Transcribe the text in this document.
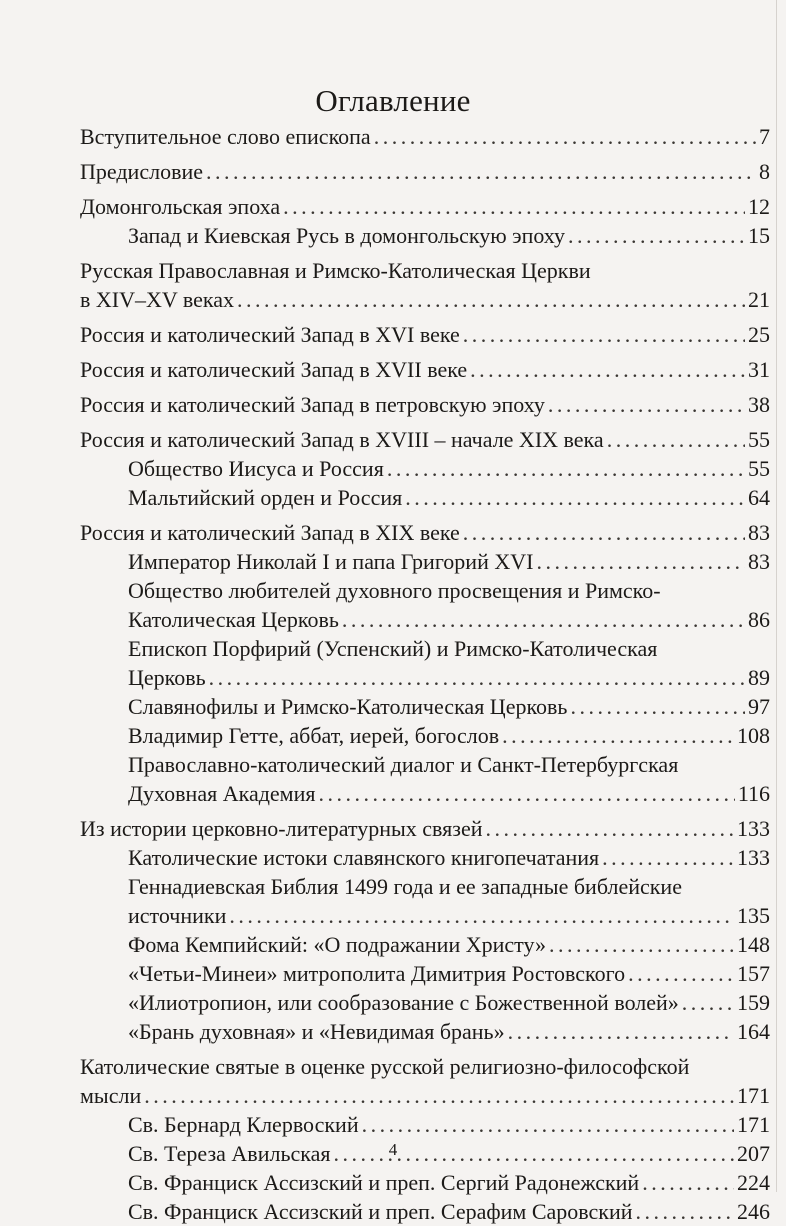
Оглавление
Вступительное слово епископа . . .	7
Предисловие . . .	8
Домонгольская эпоха . . .	12
Запад и Киевская Русь в домонгольскую эпоху . . .	15
Русская Православная и Римско-Католическая Церкви
в XIV–XV веках . . .	21
Россия и католический Запад в XVI веке . . .	25
Россия и католический Запад в XVII веке . . .	31
Россия и католический Запад в петровскую эпоху . . .	38
Россия и католический Запад в XVIII – начале XIX века . . .	55
Общество Иисуса и Россия . . .	55
Мальтийский орден и Россия . . .	64
Россия и католический Запад в XIX веке . . .	83
Император Николай I и папа Григорий XVI . . .	83
Общество любителей духовного просвещения и Римско-
Католическая Церковь . . .	86
Епископ Порфирий (Успенский) и Римско-Католическая
Церковь . . .	89
Славянофилы и Римско-Католическая Церковь . . .	97
Владимир Гетте, аббат, иерей, богослов . . .	108
Православно-католический диалог и Санкт-Петербургская
Духовная Академия . . .	116
Из истории церковно-литературных связей . . .	133
Католические истоки славянского книгопечатания . . .	133
Геннадиевская Библия 1499 года и ее западные библейские
источники . . .	135
Фома Кемпийский: «О подражании Христу» . . .	148
«Четьи-Минеи» митрополита Димитрия Ростовского . . .	157
«Илиотропион, или сообразование с Божественной волей» . . .	159
«Брань духовная» и «Невидимая брань» . . .	164
Католические святые в оценке русской религиозно-философской
мысли . . .	171
Св. Бернард Клервоский . . .	171
Св. Тереза Авильская . . .	207
Св. Франциск Ассизский и преп. Сергий Радонежский . . .	224
Св. Франциск Ассизский и преп. Серафим Саровский . . .	246
4
